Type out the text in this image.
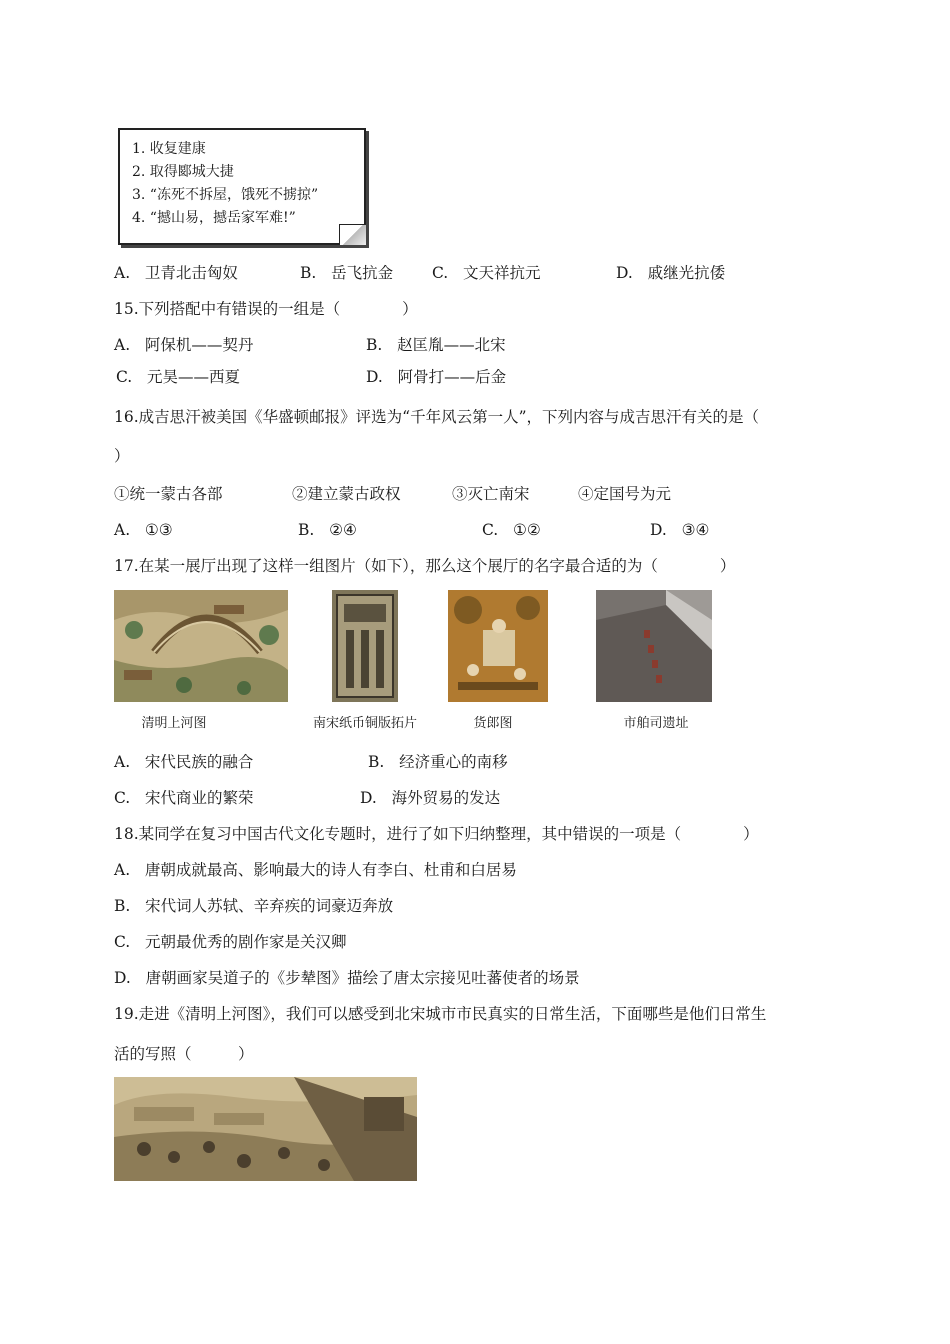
1. 收复建康
2. 取得郾城大捷
3. “冻死不拆屋，饿死不掳掠”
4. “撼山易，撼岳家军难!”
A. 卫青北击匈奴	B. 岳飞抗金	C. 文天祥抗元	D. 戚继光抗倭
15.下列搭配中有错误的一组是（　　　　）
A. 阿保机——契丹	B. 赵匡胤——北宋
C. 元昊——西夏	D. 阿骨打——后金
16.成吉思汗被美国《华盛顿邮报》评选为“千年风云第一人”，下列内容与成吉思汗有关的是（
）
①统一蒙古各部	②建立蒙古政权	③灭亡南宋	④定国号为元
A. ①③	B. ②④	C. ①②	D. ③④
17.在某一展厅出现了这样一组图片（如下），那么这个展厅的名字最合适的为（　　　　）
清明上河图	南宋纸币铜版拓片	货郎图	市舶司遗址
A. 宋代民族的融合	B. 经济重心的南移
C. 宋代商业的繁荣	D. 海外贸易的发达
18.某同学在复习中国古代文化专题时，进行了如下归纳整理，其中错误的一项是（　　　　）
A. 唐朝成就最高、影响最大的诗人有李白、杜甫和白居易
B. 宋代词人苏轼、辛弃疾的词豪迈奔放
C. 元朝最优秀的剧作家是关汉卿
D. 唐朝画家吴道子的《步辇图》描绘了唐太宗接见吐蕃使者的场景
19.走进《清明上河图》，我们可以感受到北宋城市市民真实的日常生活，下面哪些是他们日常生
活的写照（　　　）
